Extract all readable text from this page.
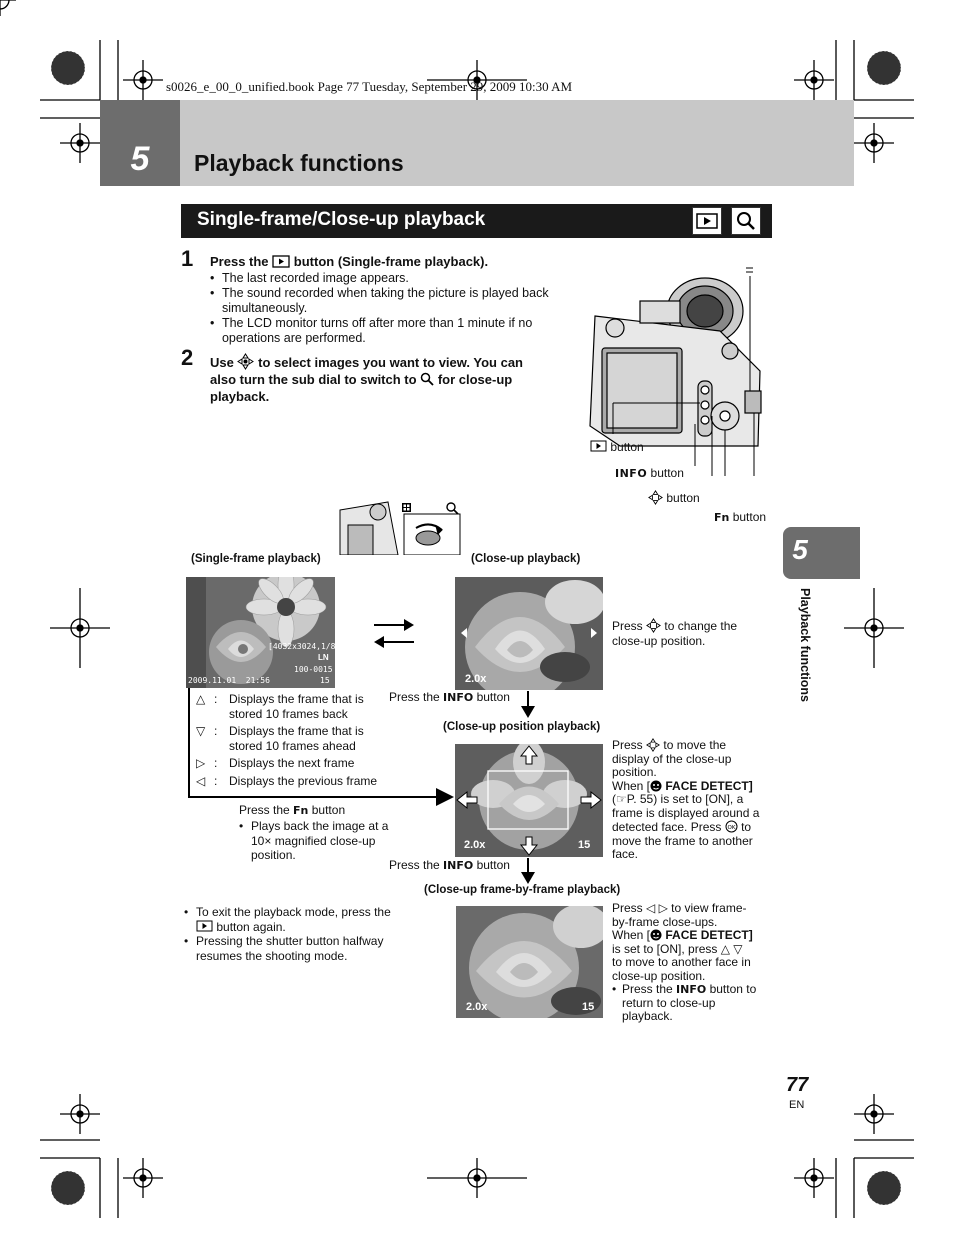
s0026_e_00_0_unified.book Page 77 Tuesday, September 29, 2009 10:30 AM
5	Playback functions
Single-frame/Close-up playback
1 Press the button (Single-frame playback).
• The last recorded image appears.
• The sound recorded when taking the picture is played back simultaneously.
• The LCD monitor turns off after more than 1 minute if no operations are performed.
2 Use to select images you want to view. You can
also turn the sub dial to switch to for close-up
playback.
button
INFO button
button
Fn button
(Single-frame playback)	(Close-up playback)
[4032x3024,1/8]
LN
100-0015
2009.11.01  21:56	15	2.0x
Press to change the close-up position.
△ : Displays the frame that is stored 10 frames back
▽ : Displays the frame that is stored 10 frames ahead
▷ : Displays the next frame
◁ : Displays the previous frame
Press the INFO button
(Close-up position playback)
2.0x	15
Press to move the
display of the close-up
position.
When [ FACE DETECT]
(☞P. 55) is set to [ON], a
frame is displayed around a
detected face. Press OK to
move the frame to another
face.
Press the Fn button
• Plays back the image at a
10× magnified close-up
position.
Press the INFO button
(Close-up frame-by-frame playback)
2.0x	15
Press ◁ ▷ to view frame-
by-frame close-ups.
When [ FACE DETECT]
is set to [ON], press △ ▽
to move to another face in
close-up position.
• Press the INFO button to
return to close-up
playback.
• To exit the playback mode, press the
button again.
• Pressing the shutter button halfway
resumes the shooting mode.
5
Playback functions
77
EN
